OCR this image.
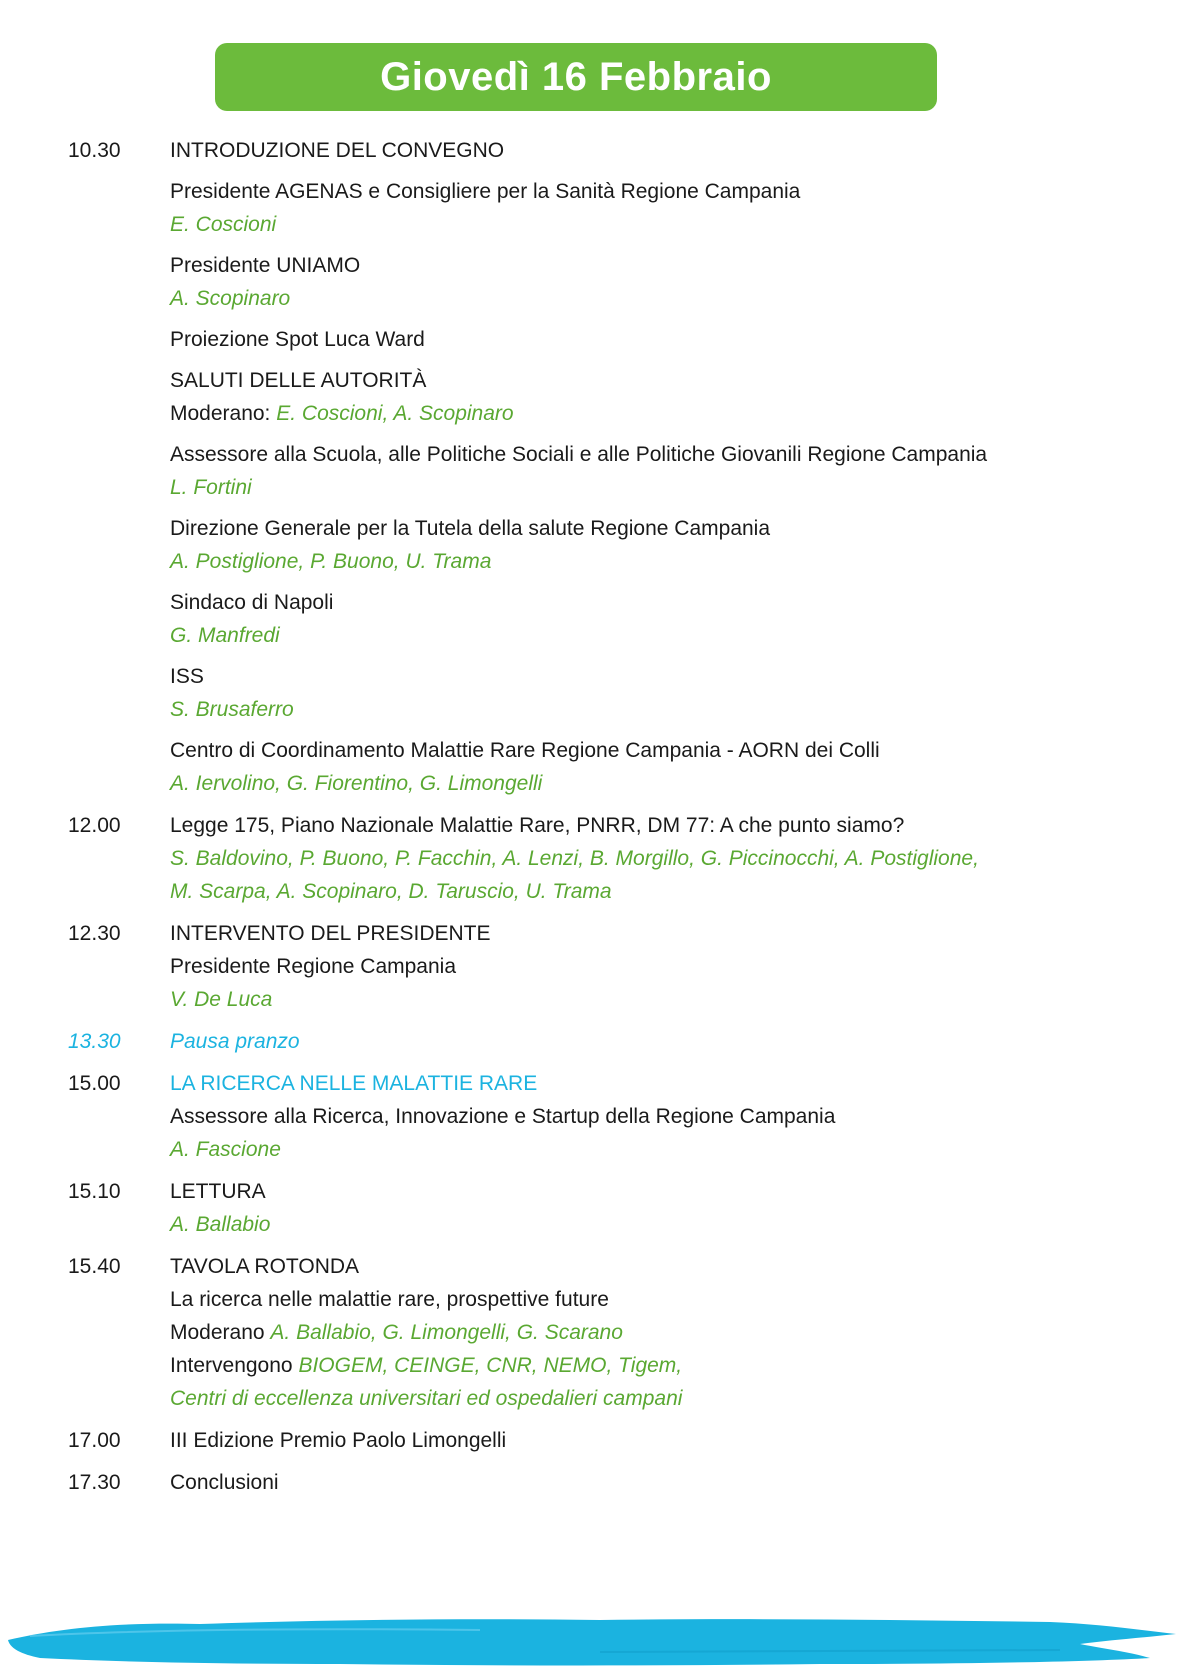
Giovedì 16 Febbraio
10.30	INTRODUZIONE DEL CONVEGNO
Presidente AGENAS e Consigliere per la Sanità Regione Campania
E. Coscioni
Presidente UNIAMO
A. Scopinaro
Proiezione Spot Luca Ward
SALUTI DELLE AUTORITÀ
Moderano: E. Coscioni, A. Scopinaro
Assessore alla Scuola, alle Politiche Sociali e alle Politiche Giovanili Regione Campania
L. Fortini
Direzione Generale per la Tutela della salute Regione Campania
A. Postiglione, P. Buono, U. Trama
Sindaco di Napoli
G. Manfredi
ISS
S. Brusaferro
Centro di Coordinamento Malattie Rare Regione Campania - AORN dei Colli
A. Iervolino, G. Fiorentino, G. Limongelli
12.00	Legge 175, Piano Nazionale Malattie Rare, PNRR, DM 77: A che punto siamo?
S. Baldovino, P. Buono, P. Facchin, A. Lenzi, B. Morgillo, G. Piccinocchi, A. Postiglione,
M. Scarpa, A. Scopinaro, D. Taruscio, U. Trama
12.30	INTERVENTO DEL PRESIDENTE
Presidente Regione Campania
V. De Luca
13.30	Pausa pranzo
15.00	LA RICERCA NELLE MALATTIE RARE
Assessore alla Ricerca, Innovazione e Startup della Regione Campania
A. Fascione
15.10	LETTURA
A. Ballabio
15.40	TAVOLA ROTONDA
La ricerca nelle malattie rare, prospettive future
Moderano A. Ballabio, G. Limongelli, G. Scarano
Intervengono BIOGEM, CEINGE, CNR, NEMO, Tigem,
Centri di eccellenza universitari ed ospedalieri campani
17.00	III Edizione Premio Paolo Limongelli
17.30	Conclusioni
